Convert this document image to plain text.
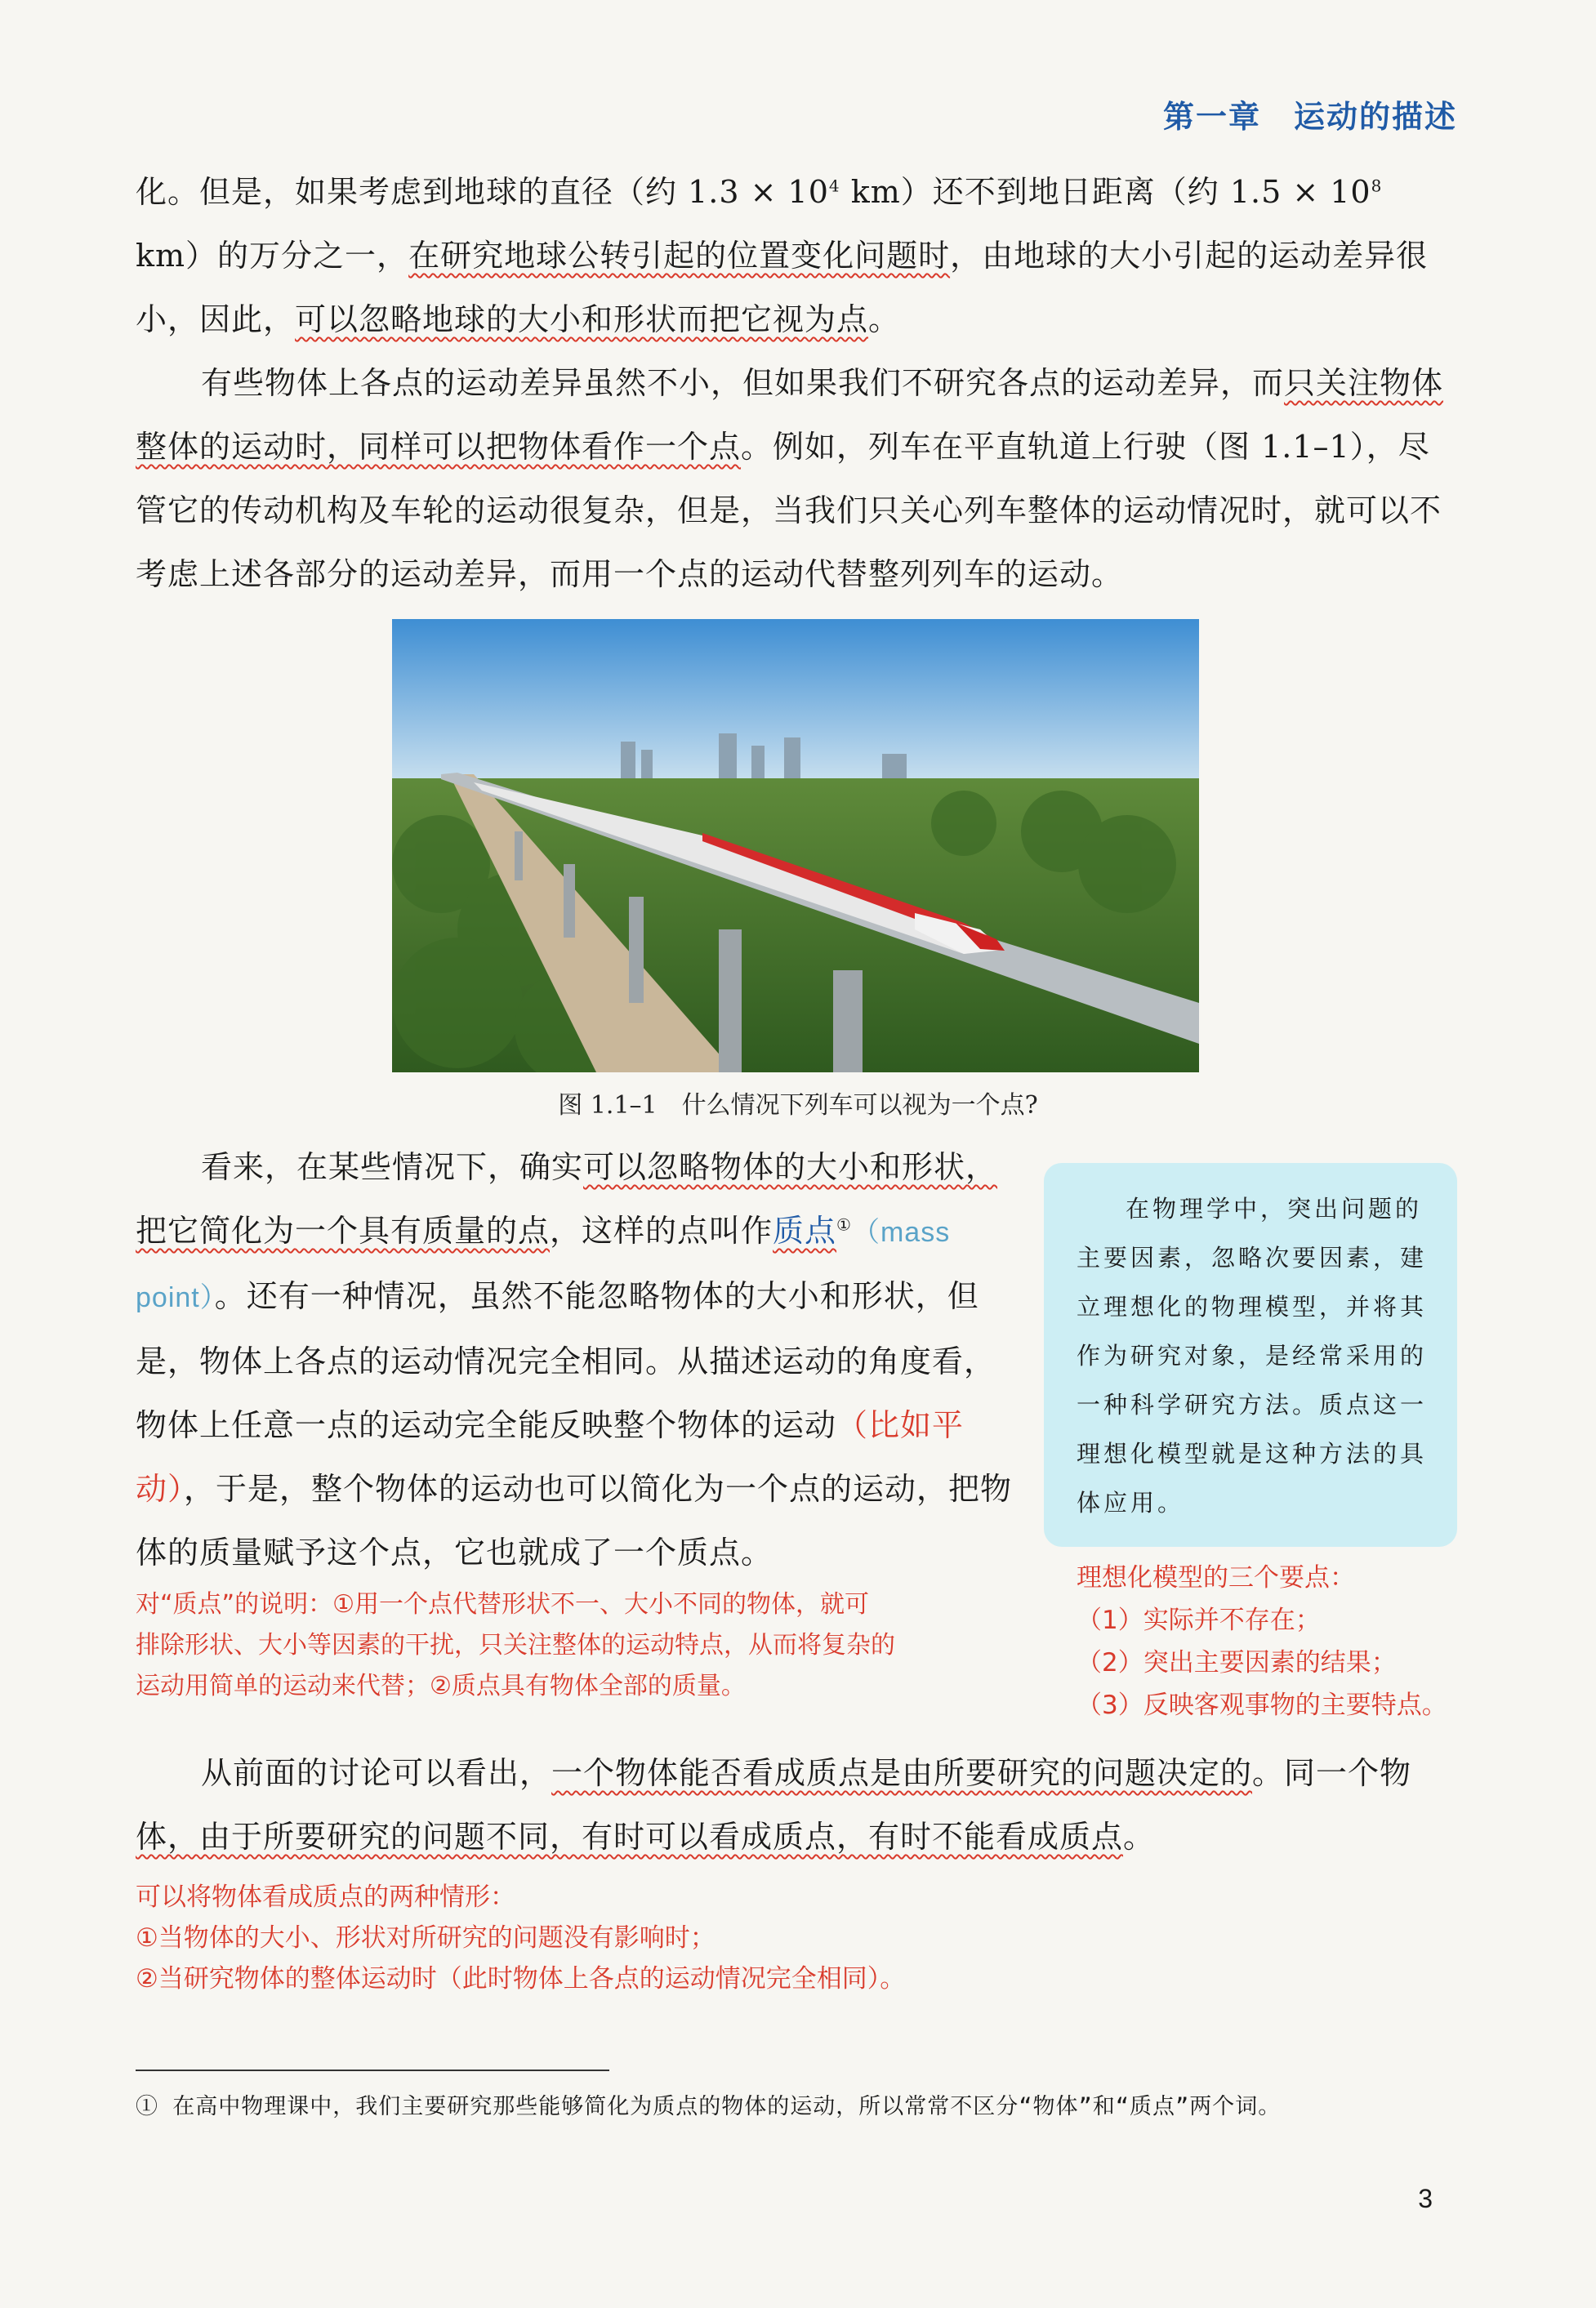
第一章 运动的描述

化。但是，如果考虑到地球的直径（约 $1.3 \times 10^4$ km）还不到地日距离（约 $1.5 \times 10^8$ km）的万分之一，在研究地球公转引起的位置变化问题时，由地球的大小引起的运动差异很小，因此，可以忽略地球的大小和形状而把它视为点。

有些物体上各点的运动差异虽然不小，但如果我们不研究各点的运动差异，而只关注物体整体的运动时，同样可以把物体看作一个点。例如，列车在平直轨道上行驶（图 1.1–1），尽管它的传动机构及车轮的运动很复杂，但是，当我们只关心列车整体的运动情况时，就可以不考虑上述各部分的运动差异，而用一个点的运动代替整列列车的运动。

图 1.1–1 什么情况下列车可以视为一个点?

看来，在某些情况下，确实可以忽略物体的大小和形状，把它简化为一个具有质量的点，这样的点叫作质点①（mass point）。还有一种情况，虽然不能忽略物体的大小和形状，但是，物体上各点的运动情况完全相同。从描述运动的角度看，物体上任意一点的运动完全能反映整个物体的运动（比如平动），于是，整个物体的运动也可以简化为一个点的运动，把物体的质量赋予这个点，它也就成了一个质点。

对“质点”的说明：①用一个点代替形状不一、大小不同的物体，就可
排除形状、大小等因素的干扰，只关注整体的运动特点，从而将复杂的
运动用简单的运动来代替；②质点具有物体全部的质量。

在物理学中，突出问题的主要因素，忽略次要因素，建立理想化的物理模型，并将其作为研究对象，是经常采用的一种科学研究方法。质点这一理想化模型就是这种方法的具体应用。

理想化模型的三个要点：
（1）实际并不存在；
（2）突出主要因素的结果；
（3）反映客观事物的主要特点。

从前面的讨论可以看出，一个物体能否看成质点是由所要研究的问题决定的。同一个物体，由于所要研究的问题不同，有时可以看成质点，有时不能看成质点。

可以将物体看成质点的两种情形：
①当物体的大小、形状对所研究的问题没有影响时；
②当研究物体的整体运动时（此时物体上各点的运动情况完全相同）。
① 在高中物理课中，我们主要研究那些能够简化为质点的物体的运动，所以常常不区分“物体”和“质点”两个词。
3
